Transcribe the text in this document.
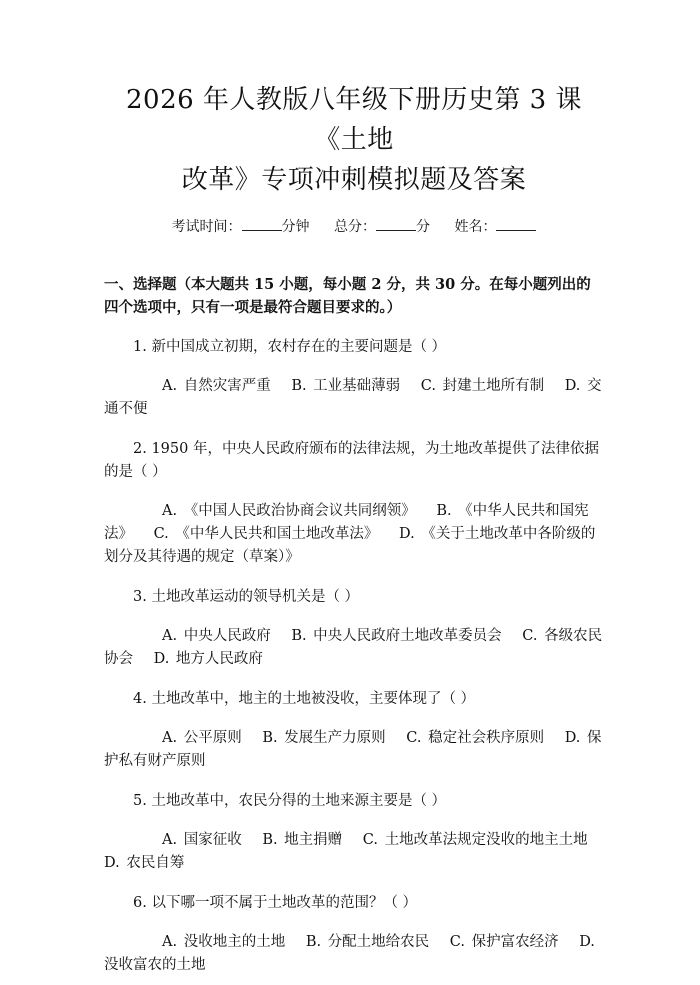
2026 年人教版八年级下册历史第 3 课《土地
改革》专项冲刺模拟题及答案
考试时间：	分钟 总分：	分 姓名：
一、选择题（本大题共 15 小题，每小题 2 分，共 30 分。在每小题列出的四个选项中，只有一项是最符合题目要求的。）
1. 新中国成立初期，农村存在的主要问题是（ ）
A. 自然灾害严重 B. 工业基础薄弱 C. 封建土地所有制 D. 交通不便
2. 1950 年，中央人民政府颁布的法律法规，为土地改革提供了法律依据的是（ ）
A. 《中国人民政治协商会议共同纲领》 B. 《中华人民共和国宪法》 C. 《中华人民共和国土地改革法》 D. 《关于土地改革中各阶级的划分及其待遇的规定（草案）》
3. 土地改革运动的领导机关是（ ）
A. 中央人民政府 B. 中央人民政府土地改革委员会 C. 各级农民协会 D. 地方人民政府
4. 土地改革中，地主的土地被没收，主要体现了（ ）
A. 公平原则 B. 发展生产力原则 C. 稳定社会秩序原则 D. 保护私有财产原则
5. 土地改革中，农民分得的土地来源主要是（ ）
A. 国家征收 B. 地主捐赠 C. 土地改革法规定没收的地主土地 D. 农民自筹
6. 以下哪一项不属于土地改革的范围？（ ）
A. 没收地主的土地 B. 分配土地给农民 C. 保护富农经济 D. 没收富农的土地
